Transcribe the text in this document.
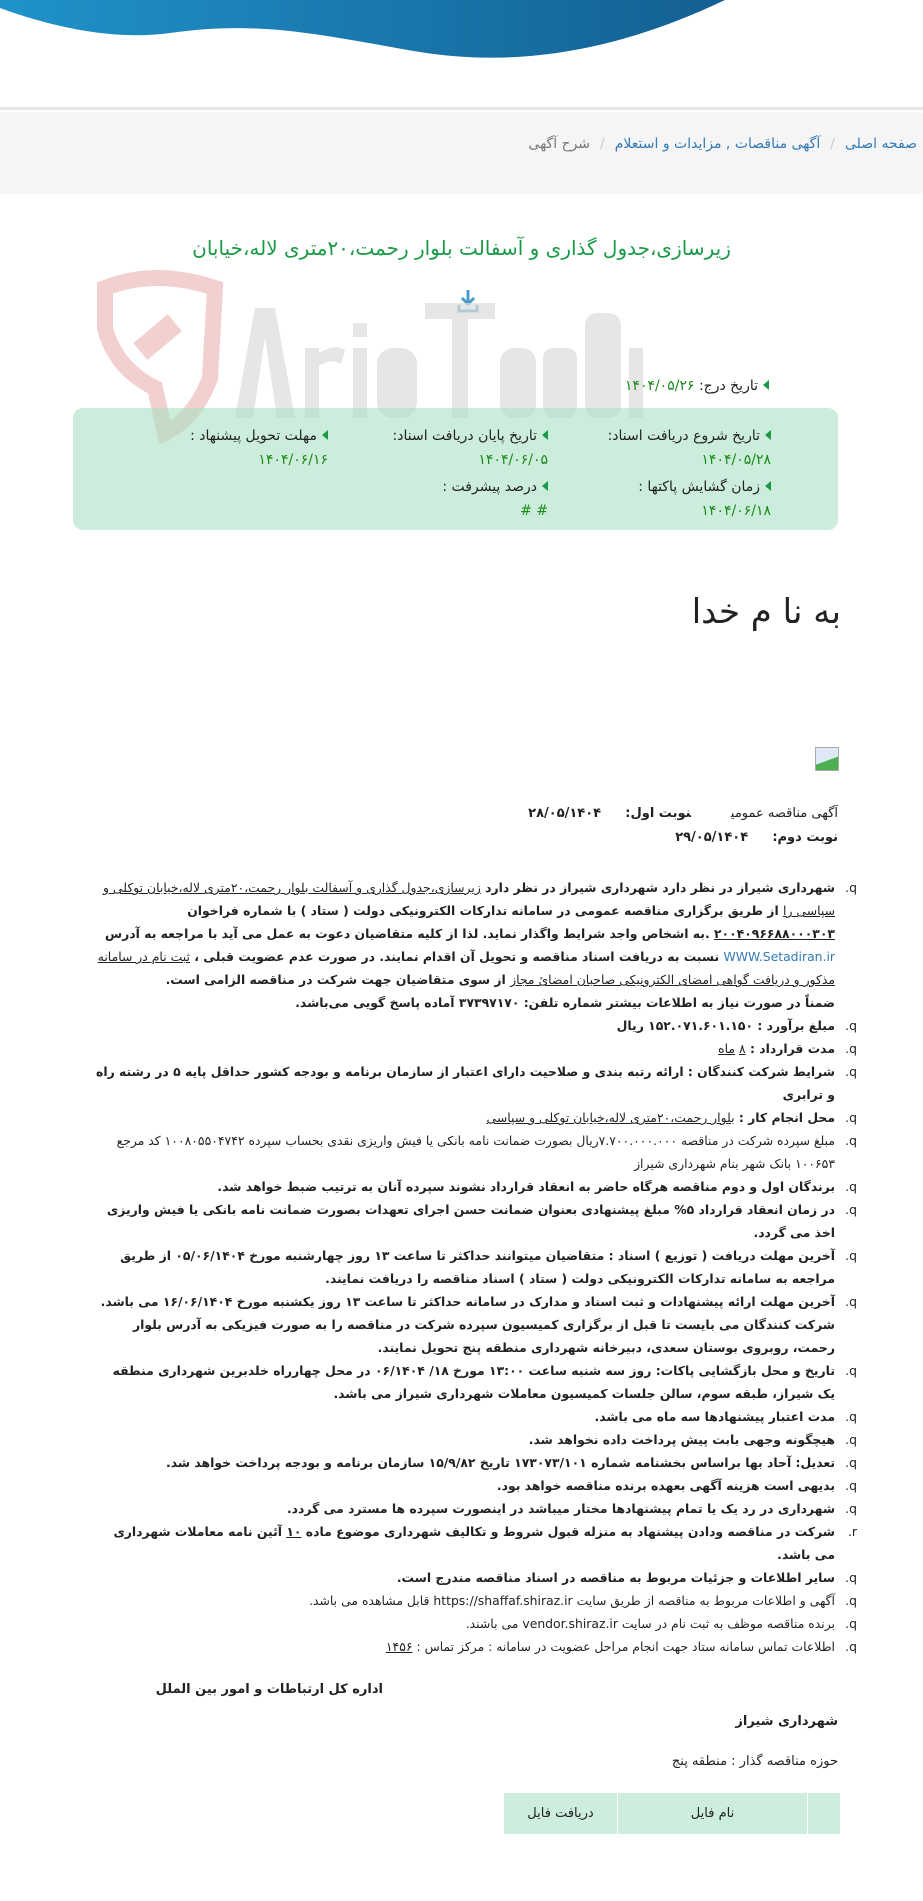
صفحه اصلی/آگهی مناقصات , مزایدات و استعلام/شرح آگهی
زیرسازی،جدول گذاری و آسفالت بلوار رحمت،۲۰متری لاله،خیابان
تاریخ درج: ۱۴۰۴/۰۵/۲۶
تاریخ شروع دریافت اسناد:
۱۴۰۴/۰۵/۲۸
تاریخ پایان دریافت اسناد:
۱۴۰۴/۰۶/۰۵
مهلت تحویل پیشنهاد :
۱۴۰۴/۰۶/۱۶
زمان گشایش پاکتها :
۱۴۰۴/۰۶/۱۸
درصد پیشرفت :
# #
به نا م خدا
آگهی مناقصه عمومینوبت اول: ۲۸/۰۵/۱۴۰۴
نوبت دوم: ۲۹/۰۵/۱۴۰۴
q.
شهرداری شیراز در نظر دارد شهرداری شیراز در نظر دارد زیرسازی،جدول گذاری و آسفالت بلوار رحمت،۲۰متری لاله،خیابان توکلی و سپاسی را از طریق برگزاری مناقصه عمومی در سامانه تدارکات الکترونیکی دولت ( ستاد ) با شماره فراخوان ۲۰۰۴۰۹۶۶۸۸۰۰۰۳۰۳ .به اشخاص واجد شرایط واگذار نماید. لذا از کلیه متقاضیان دعوت به عمل می آید با مراجعه به آدرس WWW.Setadiran.ir نسبت به دریافت اسناد مناقصه و تحویل آن اقدام نمایند. در صورت عدم عضویت قبلی ، ثبت نام در سامانه مذکور و دریافت گواهی امضای الکترونیکی صاحبان امضائ مجاز از سوی متقاضیان جهت شرکت در مناقصه الزامی است.
ضمناً در صورت نیاز به اطلاعات بیشتر شماره تلفن: ۳۷۳۹۷۱۷۰ آماده پاسخ گویی می‌باشد.
q.
مبلغ برآورد : ۱۵۲.۰۷۱.۶۰۱.۱۵۰ ریال
q.
مدت قرارداد : ۸ ماه
q.
شرایط شرکت کنندگان : ارائه رتبه بندی و صلاحیت دارای اعتبار از سازمان برنامه و بودجه کشور حداقل پایه ۵ در رشته راه و ترابری
q.
محل انجام کار : بلوار رحمت،۲۰متری لاله،خیابان توکلی و سپاسی
q.
مبلغ سپرده شرکت در مناقصه ۷.۷۰۰.۰۰۰.۰۰۰ریال بصورت ضمانت نامه بانکی یا فیش واریزی نقدی بحساب سپرده ۱۰۰۸۰۵۵۰۴۷۴۲ کد مرجع ۱۰۰۶۵۳ بانک شهر بنام شهرداری شیراز
q.
برندگان اول و دوم مناقصه هرگاه حاضر به انعقاد قرارداد نشوند سپرده آنان به ترتیب ضبط خواهد شد.
q.
در زمان انعقاد قرارداد ۵% مبلغ پیشنهادی بعنوان ضمانت حسن اجرای تعهدات بصورت ضمانت نامه بانکی یا فیش واریزی اخذ می گردد.
q.
آخرین مهلت دریافت ( توزیع ) اسناد : متقاضیان میتوانند حداکثر تا ساعت ۱۳ روز چهارشنبه مورخ ۰۵/۰۶/۱۴۰۴ از طریق مراجعه به سامانه تدارکات الکترونیکی دولت ( ستاد ) اسناد مناقصه را دریافت نمایند.
q.
آخرین مهلت ارائه پیشنهادات و ثبت اسناد و مدارک در سامانه حداکثر تا ساعت ۱۳ روز یکشنبه مورخ ۱۶/۰۶/۱۴۰۴ می باشد.
شرکت کنندگان می بایست تا قبل از برگزاری کمیسیون سپرده شرکت در مناقصه را به صورت فیزیکی به آدرس بلوار رحمت، روبروی بوستان سعدی، دبیرخانه شهرداری منطقه پنج تحویل نمایند.
q.
تاریخ و محل بازگشایی پاکات: روز سه شنبه ساعت ۱۳:۰۰ مورخ ۱۸/ ۰۶/۱۴۰۴ در محل چهارراه خلدبرین شهرداری منطقه یک شیراز، طبقه سوم، سالن جلسات کمیسیون معاملات شهرداری شیراز می باشد.
q.
مدت اعتبار پیشنهادها سه ماه می باشد.
q.
هیچگونه وجهی بابت پیش پرداخت داده نخواهد شد.
q.
تعدیل: آحاد بها براساس بخشنامه شماره ۱۷۳۰۷۳/۱۰۱ تاریخ ۱۵/۹/۸۲ سازمان برنامه و بودجه پرداخت خواهد شد.
q.
بدیهی است هزینه آگهی بعهده برنده مناقصه خواهد بود.
q.
شهرداری در رد یک یا تمام پیشنهادها مختار میباشد در اینصورت سپرده ها مسترد می گردد.
r.
شرکت در مناقصه ودادن پیشنهاد به منزله قبول شروط و تکالیف شهرداری موضوع ماده ۱۰ آئین نامه معاملات شهرداری می باشد.
q.
سایر اطلاعات و جزئیات مربوط به مناقصه در اسناد مناقصه مندرج است.
q.
آگهی و اطلاعات مربوط به مناقصه از طریق سایت https://shaffaf.shiraz.ir قابل مشاهده می باشد.
q.
برنده مناقصه موظف به ثبت نام در سایت vendor.shiraz.ir می باشند.
q.
اطلاعات تماس سامانه ستاد جهت انجام مراحل عضویت در سامانه : مرکز تماس : ۱۴۵۶
اداره کل ارتباطات و امور بین الملل
شهرداری شیراز
حوزه مناقصه گذار : منطقه پنج
	نام فایل	دریافت فایل
